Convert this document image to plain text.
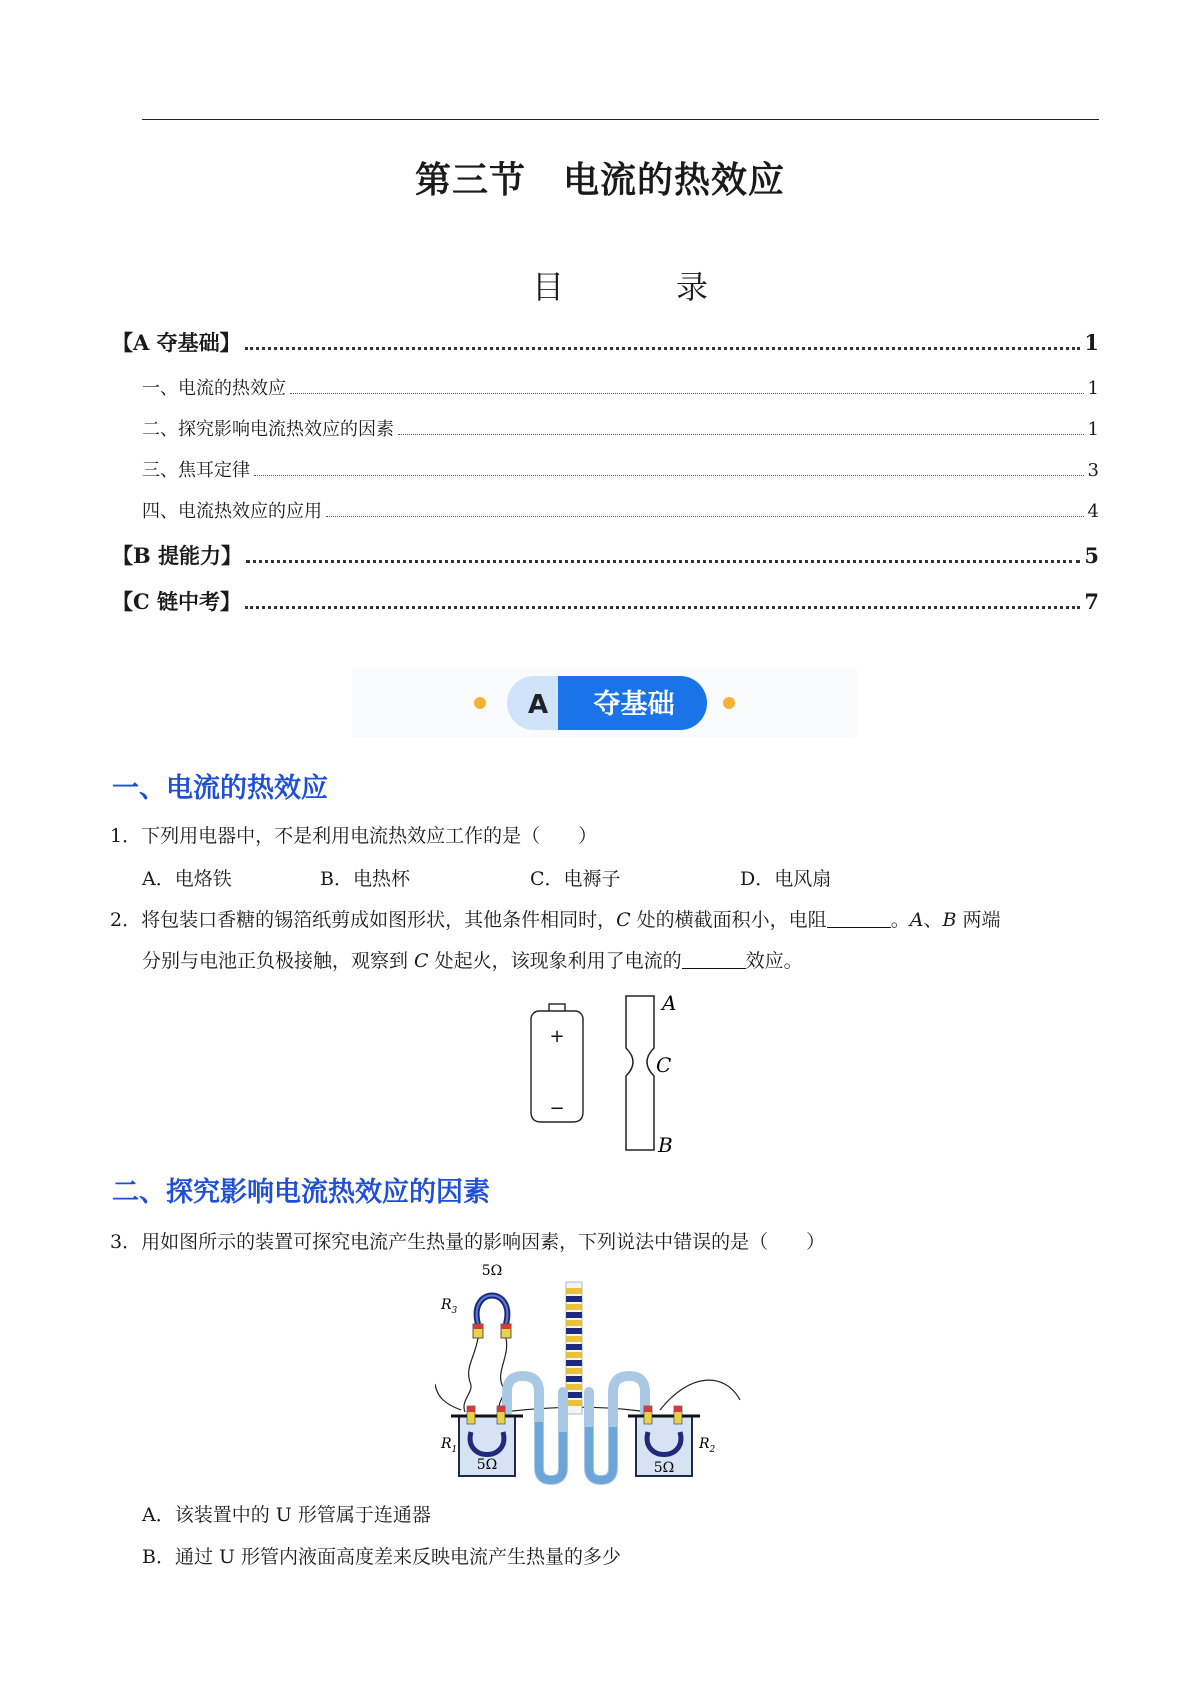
第三节　电流的热效应
目　录
【A 夺基础】	1
一、电流的热效应	1
二、探究影响电流热效应的因素	1
三、焦耳定律	3
四、电流热效应的应用	4
【B 提能力】	5
【C 链中考】	7
A 夺基础
一、电流的热效应
1．下列用电器中，不是利用电流热效应工作的是（　　）
A．电烙铁	B．电热杯	C．电褥子	D．电风扇
2．将包装口香糖的锡箔纸剪成如图形状，其他条件相同时，C 处的横截面积小，电阻	。A、B 两端
分别与电池正负极接触，观察到 C 处起火，该现象利用了电流的	效应。
+
−
A
C
B
二、探究影响电流热效应的因素
3．用如图所示的装置可探究电流产生热量的影响因素，下列说法中错误的是（　　）
5Ω
$R_3$
5Ω
$R_1$
5Ω
$R_2$
A．该装置中的 U 形管属于连通器
B．通过 U 形管内液面高度差来反映电流产生热量的多少
